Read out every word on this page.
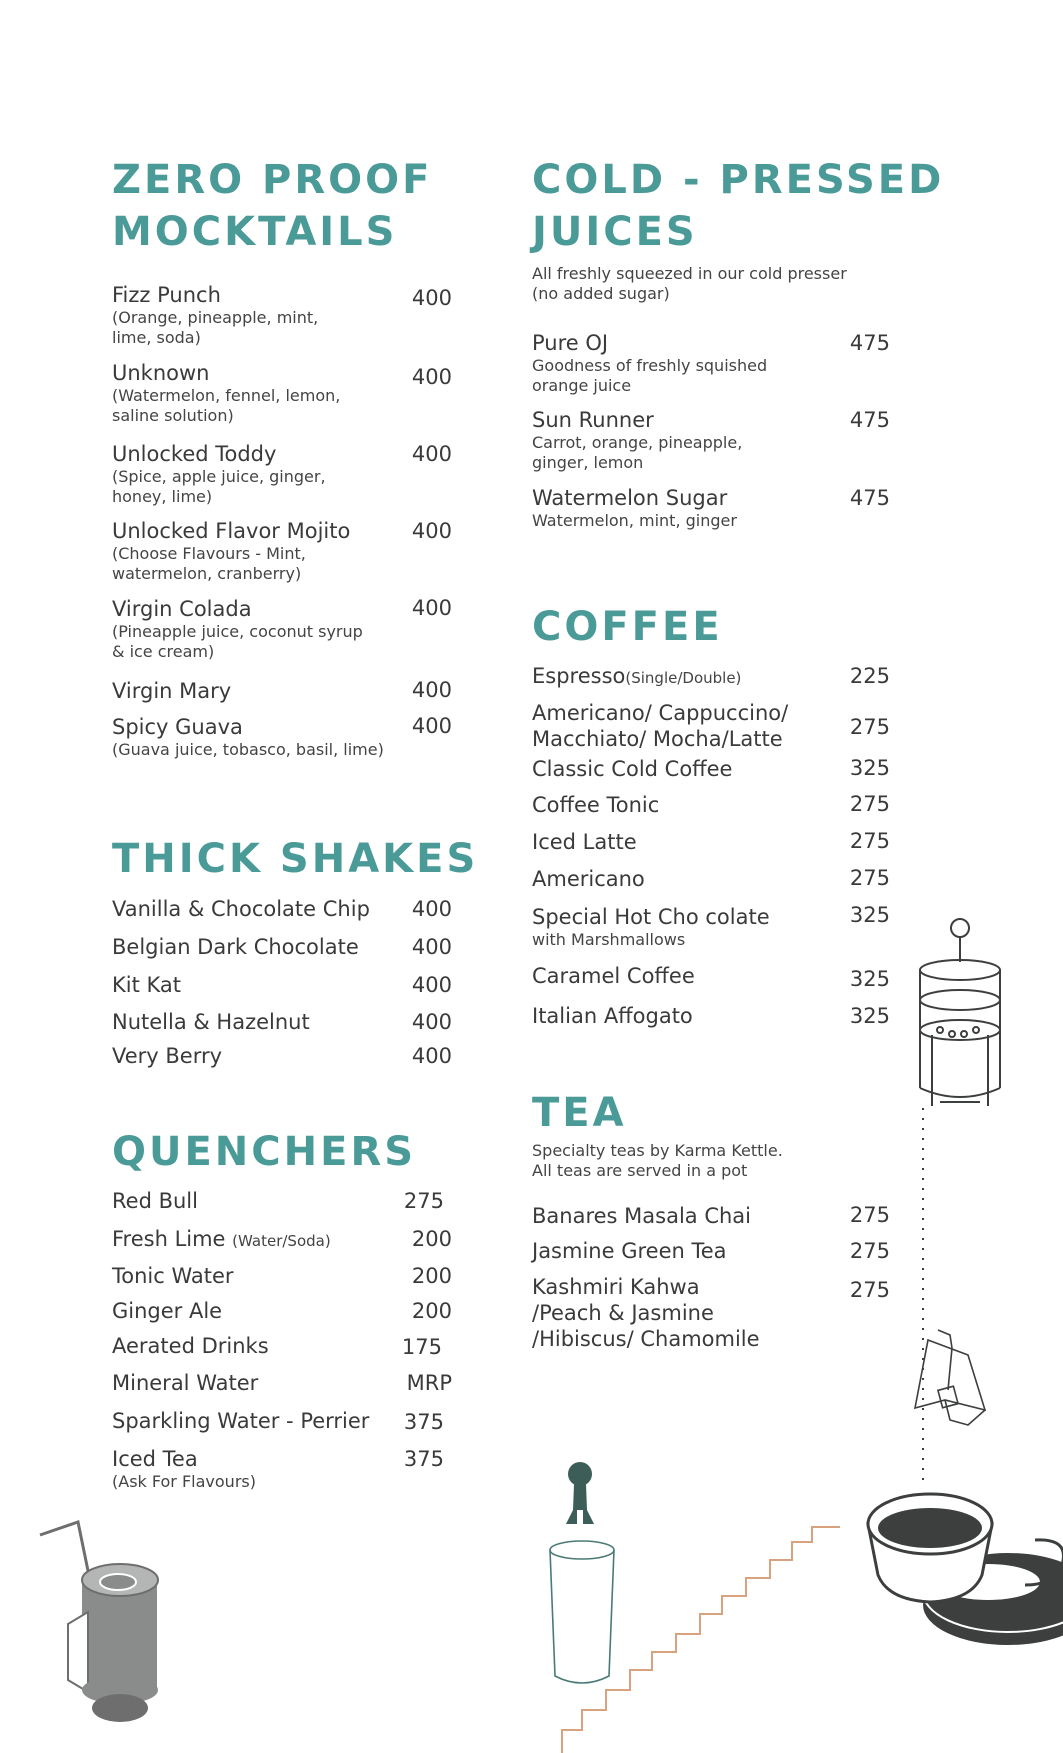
ZERO PROOF
MOCKTAILS
Fizz Punch
(Orange, pineapple, mint,
lime, soda)
400
Unknown
(Watermelon, fennel, lemon,
saline solution)
400
Unlocked Toddy
(Spice, apple juice, ginger,
honey, lime)
400
Unlocked Flavor Mojito
(Choose Flavours - Mint,
watermelon, cranberry)
400
Virgin Colada
(Pineapple juice, coconut syrup
& ice cream)
400
Virgin Mary	400
Spicy Guava
(Guava juice, tobasco, basil, lime)
400
THICK SHAKES
Vanilla & Chocolate Chip	400
Belgian Dark Chocolate	400
Kit Kat	400
Nutella & Hazelnut	400
Very Berry	400
QUENCHERS
Red Bull	275
Fresh Lime (Water/Soda)	200
Tonic Water	200
Ginger Ale	200
Aerated Drinks	175
Mineral Water	MRP
Sparkling Water - Perrier	375
Iced Tea
(Ask For Flavours)
375
COLD - PRESSED
JUICES

All freshly squeezed in our cold presser
(no added sugar)

Pure OJ
Goodness of freshly squished
orange juice
475
Sun Runner
Carrot, orange, pineapple,
ginger, lemon
475
Watermelon Sugar
Watermelon, mint, ginger
475
COFFEE
Espresso(Single/Double)	225
Americano/ Cappuccino/
Macchiato/ Mocha/Latte	275
Classic Cold Coffee	325
Coffee Tonic	275
Iced Latte	275
Americano	275
Special Hot Cho colate
with Marshmallows
325
Caramel Coffee	325
Italian Affogato	325
TEA

Specialty teas by Karma Kettle.
All teas are served in a pot

Banares Masala Chai	275
Jasmine Green Tea	275
Kashmiri Kahwa
/Peach & Jasmine
/Hibiscus/ Chamomile
275
